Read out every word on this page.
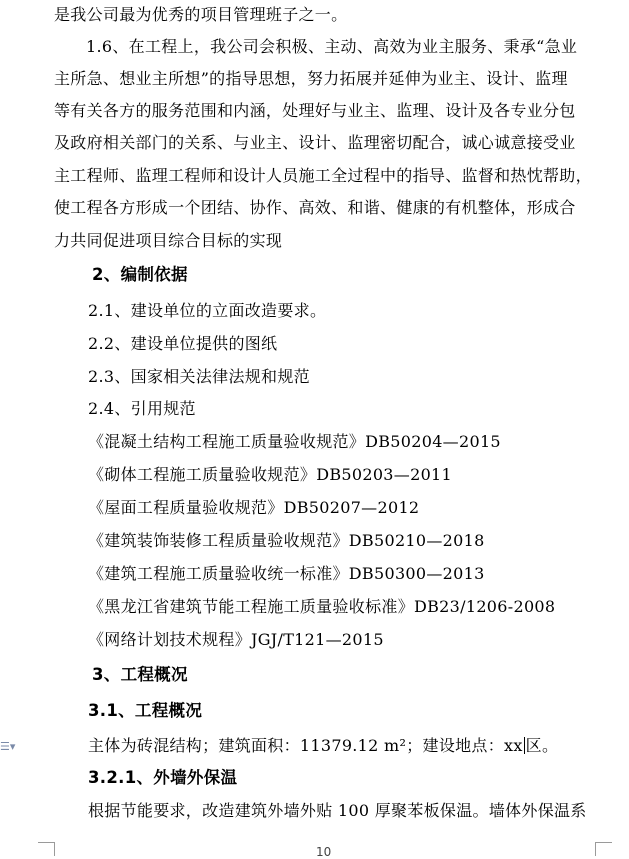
是我公司最为优秀的项目管理班子之一。
1.6、在工程上，我公司会积极、主动、高效为业主服务、秉承“急业
主所急、想业主所想”的指导思想，努力拓展并延伸为业主、设计、监理
等有关各方的服务范围和内涵，处理好与业主、监理、设计及各专业分包
及政府相关部门的关系、与业主、设计、监理密切配合，诚心诚意接受业
主工程师、监理工程师和设计人员施工全过程中的指导、监督和热忱帮助，
使工程各方形成一个团结、协作、高效、和谐、健康的有机整体，形成合
力共同促进项目综合目标的实现
2、编制依据
2.1、建设单位的立面改造要求。
2.2、建设单位提供的图纸
2.3、国家相关法律法规和规范
2.4、引用规范
《混凝土结构工程施工质量验收规范》DB50204—2015
《砌体工程施工质量验收规范》DB50203—2011
《屋面工程质量验收规范》DB50207—2012
《建筑装饰装修工程质量验收规范》DB50210—2018
《建筑工程施工质量验收统一标准》DB50300—2013
《黑龙江省建筑节能工程施工质量验收标准》DB23/1206-2008
《网络计划技术规程》JGJ/T121—2015
3、工程概况
3.1、工程概况
主体为砖混结构；建筑面积：11379.12 m²；建设地点：xx 区。
3.2.1、外墙外保温
根据节能要求，改造建筑外墙外贴 100 厚聚苯板保温。墙体外保温系
☰▾
10
